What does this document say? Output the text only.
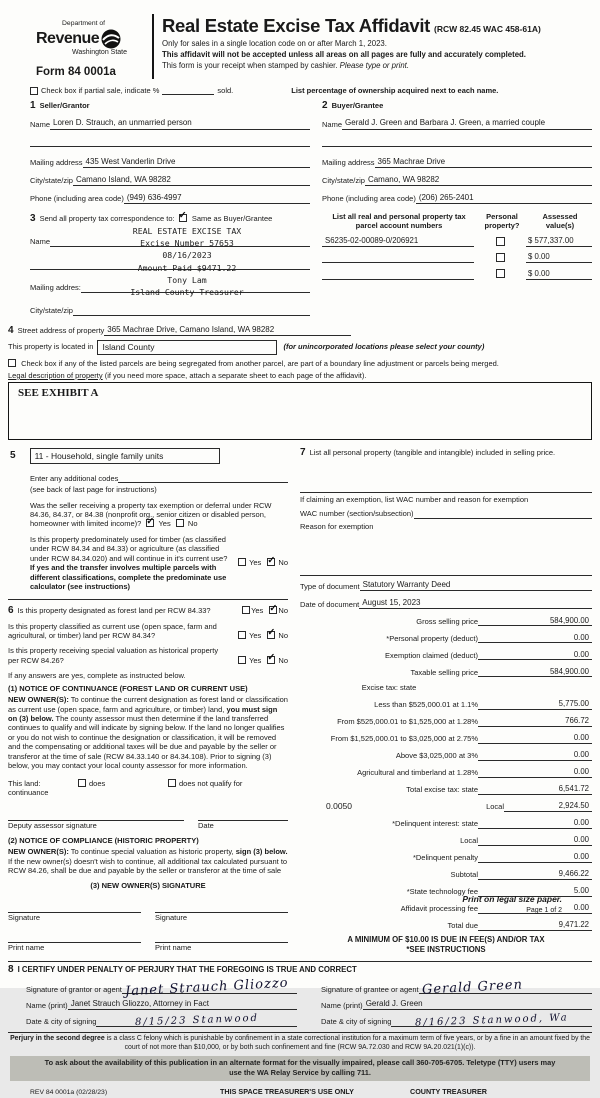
Department of
Revenue
Washington State
Form 84 0001a
Real Estate Excise Tax Affidavit (RCW 82.45 WAC 458-61A)
Only for sales in a single location code on or after March 1, 2023.
This affidavit will not be accepted unless all areas on all pages are fully and accurately completed.
This form is your receipt when stamped by cashier. Please type or print.
Check box if partial sale, indicate %	sold.	List percentage of ownership acquired next to each name.
1 Seller/Grantor
Name Loren D. Strauch, an unmarried person
Mailing address 435 West Vanderlin Drive
City/state/zip Camano Island, WA 98282
Phone (including area code) (949) 636-4997
3 Send all property tax correspondence to: ✓ Same as Buyer/Grantee
Name
Mailing addres:
City/state/zip
REAL ESTATE EXCISE TAX
Excise Number 57653
08/16/2023
Amount Paid $9471.22
Tony Lam
Island County Treasurer
2 Buyer/Grantee
Name Gerald J. Green and Barbara J. Green, a married couple
Mailing address 365 Machrae Drive
City/state/zip Camano, WA 98282
Phone (including area code) (206) 265-2401
List all real and personal property tax
parcel account numbers
Personal
property?
Assessed
value(s)
S6235-02-00089-0/206921	$ 577,337.00
$ 0.00
$ 0.00
4 Street address of property 365 Machrae Drive, Camano Island, WA 98282
This property is located in	Island County	(for unincorporated locations please select your county)
Check box if any of the listed parcels are being segregated from another parcel, are part of a boundary line adjustment or parcels being merged.
Legal description of property (if you need more space, attach a separate sheet to each page of the affidavit).
SEE EXHIBIT A
5	11 - Household, single family units
Enter any additional codes
(see back of last page for instructions)
Was the seller receiving a property tax exemption or deferral under RCW 84.36, 84.37, or 84.38 (nonprofit org., senior citizen or disabled person, homeowner with limited income)? ✓ Yes No
Is this property predominately used for timber (as classified under RCW 84.34 and 84.33) or agriculture (as classified under RCW 84.34.020) and will continue in it's current use? If yes and the transfer involves multiple parcels with different classifications, complete the predominate use calculator (see instructions)
Yes ✓ No
6 Is this property designated as forest land per RCW 84.33?	Yes ✓ No
Is this property classified as current use (open space, farm and agricultural, or timber) land per RCW 84.34?	Yes ✓ No
Is this property receiving special valuation as historical property per RCW 84.26?	Yes ✓ No
If any answers are yes, complete as instructed below.
(1) NOTICE OF CONTINUANCE (FOREST LAND OR CURRENT USE)
NEW OWNER(S): To continue the current designation as forest land or classification as current use (open space, farm and agriculture, or timber) land, you must sign on (3) below. The county assessor must then determine if the land transferred continues to qualify and will indicate by signing below. If the land no longer qualifies or you do not wish to continue the designation or classification, it will be removed and the compensating or additional taxes will be due and payable by the seller or transferor at the time of sale (RCW 84.33.140 or 84.34.108). Prior to signing (3) below, you may contact your local county assessor for more information.
This land:	does	does not qualify for
continuance
Deputy assessor signature	Date
(2) NOTICE OF COMPLIANCE (HISTORIC PROPERTY)
NEW OWNER(S): To continue special valuation as historic property, sign (3) below. If the new owner(s) doesn't wish to continue, all additional tax calculated pursuant to RCW 84.26, shall be due and payable by the seller or transferor at the time of sale
(3) NEW OWNER(S) SIGNATURE
Signature	Signature
Print name	Print name
7 List all personal property (tangible and intangible) included in selling price.
If claiming an exemption, list WAC number and reason for exemption
WAC number (section/subsection)
Reason for exemption
Type of document Statutory Warranty Deed
Date of document August 15, 2023
Gross selling price	584,900.00
*Personal property (deduct)	0.00
Exemption claimed (deduct)	0.00
Taxable selling price	584,900.00
Excise tax: state
Less than $525,000.01 at 1.1%	5,775.00
From $525,000.01 to $1,525,000 at 1.28%	766.72
From $1,525,000.01 to $3,025,000 at 2.75%	0.00
Above $3,025,000 at 3%	0.00
Agricultural and timberland at 1.28%	0.00
Total excise tax: state	6,541.72
0.0050	Local	2,924.50
*Delinquent interest: state	0.00
Local	0.00
*Delinquent penalty	0.00
Subtotal	9,466.22
*State technology fee	5.00
Affidavit processing fee	0.00
Total due	9,471.22
A MINIMUM OF $10.00 IS DUE IN FEE(S) AND/OR TAX
*SEE INSTRUCTIONS
8 I CERTIFY UNDER PENALTY OF PERJURY THAT THE FOREGOING IS TRUE AND CORRECT
Signature of grantor or agent Janet Strauch Gliozzo
Name (print) Janet Strauch Gliozzo, Attorney in Fact
Date & city of signing	8/15/23 Stanwood
Signature of grantee or agent Gerald Green
Name (print) Gerald J. Green
Date & city of signing	8/16/23 Stanwood, Wa
Perjury in the second degree is a class C felony which is punishable by confinement in a state correctional institution for a maximum term of five years, or by a fine in an amount fixed by the court of not more than $10,000, or by both such confinement and fine (RCW 9A.72.030 and RCW 9A.20.021(1)(c)).
To ask about the availability of this publication in an alternate format for the visually impaired, please call 360-705-6705. Teletype (TTY) users may use the WA Relay Service by calling 711.
REV 84 0001a (02/28/23)	THIS SPACE TREASURER'S USE ONLY	COUNTY TREASURER
Print on legal size paper.
Page 1 of 2
